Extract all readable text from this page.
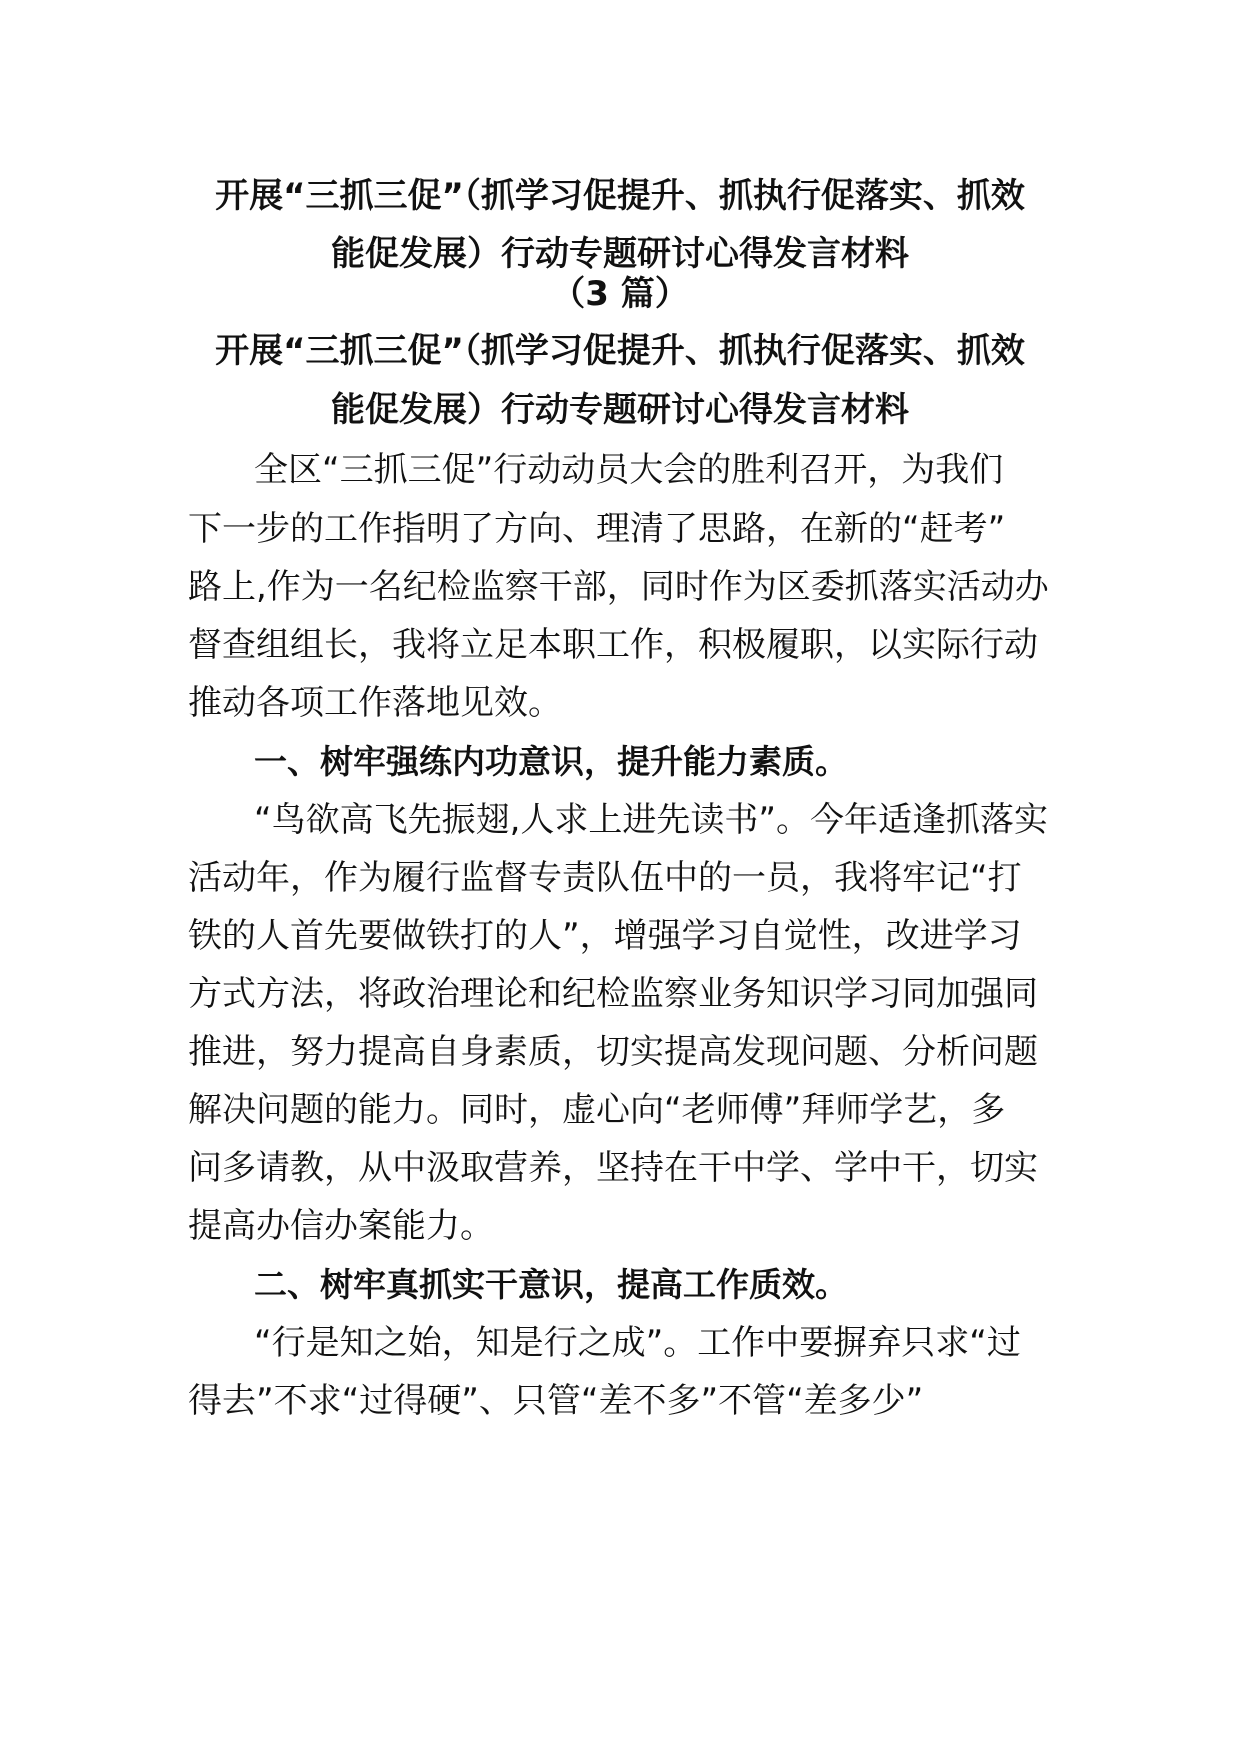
开展“三抓三促”（抓学习促提升、抓执行促落实、抓效
能促发展）行动专题研讨心得发言材料
（3 篇）
开展“三抓三促”（抓学习促提升、抓执行促落实、抓效
能促发展）行动专题研讨心得发言材料
全区“三抓三促”行动动员大会的胜利召开，为我们
下一步的工作指明了方向、理清了思路，在新的“赶考”
路上,作为一名纪检监察干部，同时作为区委抓落实活动办
督查组组长，我将立足本职工作，积极履职，以实际行动
推动各项工作落地见效。
一、树牢强练内功意识，提升能力素质。
“鸟欲高飞先振翅,人求上进先读书”。今年适逢抓落实
活动年，作为履行监督专责队伍中的一员，我将牢记“打
铁的人首先要做铁打的人”，增强学习自觉性，改进学习
方式方法，将政治理论和纪检监察业务知识学习同加强同
推进，努力提高自身素质，切实提高发现问题、分析问题
解决问题的能力。同时，虚心向“老师傅”拜师学艺，多
问多请教，从中汲取营养，坚持在干中学、学中干，切实
提高办信办案能力。
二、树牢真抓实干意识，提高工作质效。
“行是知之始，知是行之成”。工作中要摒弃只求“过
得去”不求“过得硬”、只管“差不多”不管“差多少”
